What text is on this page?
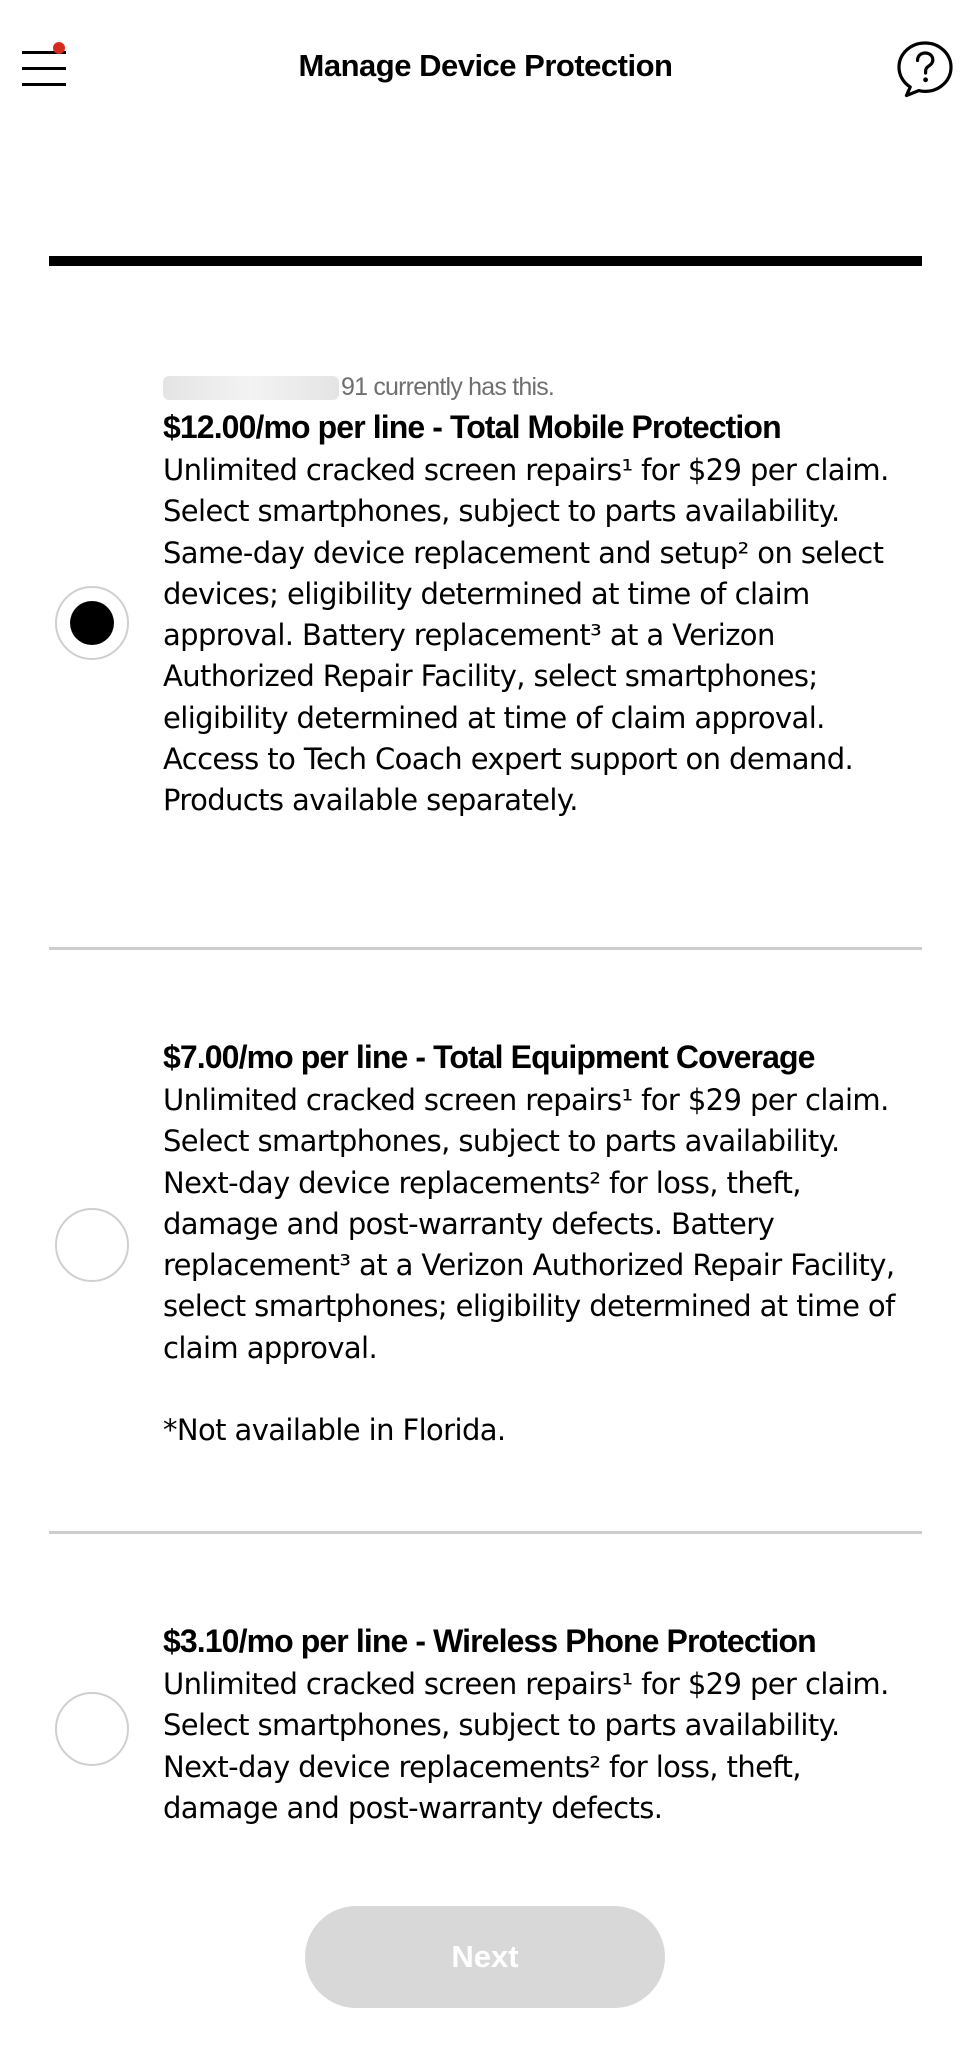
Manage Device Protection
91 currently has this.
$12.00/mo per line - Total Mobile Protection
Unlimited cracked screen repairs¹ for $29 per claim. Select smartphones, subject to parts availability. Same-day device replacement and setup² on select devices; eligibility determined at time of claim approval. Battery replacement³ at a Verizon Authorized Repair Facility, select smartphones; eligibility determined at time of claim approval. Access to Tech Coach expert support on demand.
Products available separately.
$7.00/mo per line - Total Equipment Coverage
Unlimited cracked screen repairs¹ for $29 per claim. Select smartphones, subject to parts availability. Next-day device replacements² for loss, theft, damage and post-warranty defects. Battery replacement³ at a Verizon Authorized Repair Facility, select smartphones; eligibility determined at time of claim approval.

*Not available in Florida.
$3.10/mo per line - Wireless Phone Protection
Unlimited cracked screen repairs¹ for $29 per claim. Select smartphones, subject to parts availability. Next-day device replacements² for loss, theft, damage and post-warranty defects.
Next
